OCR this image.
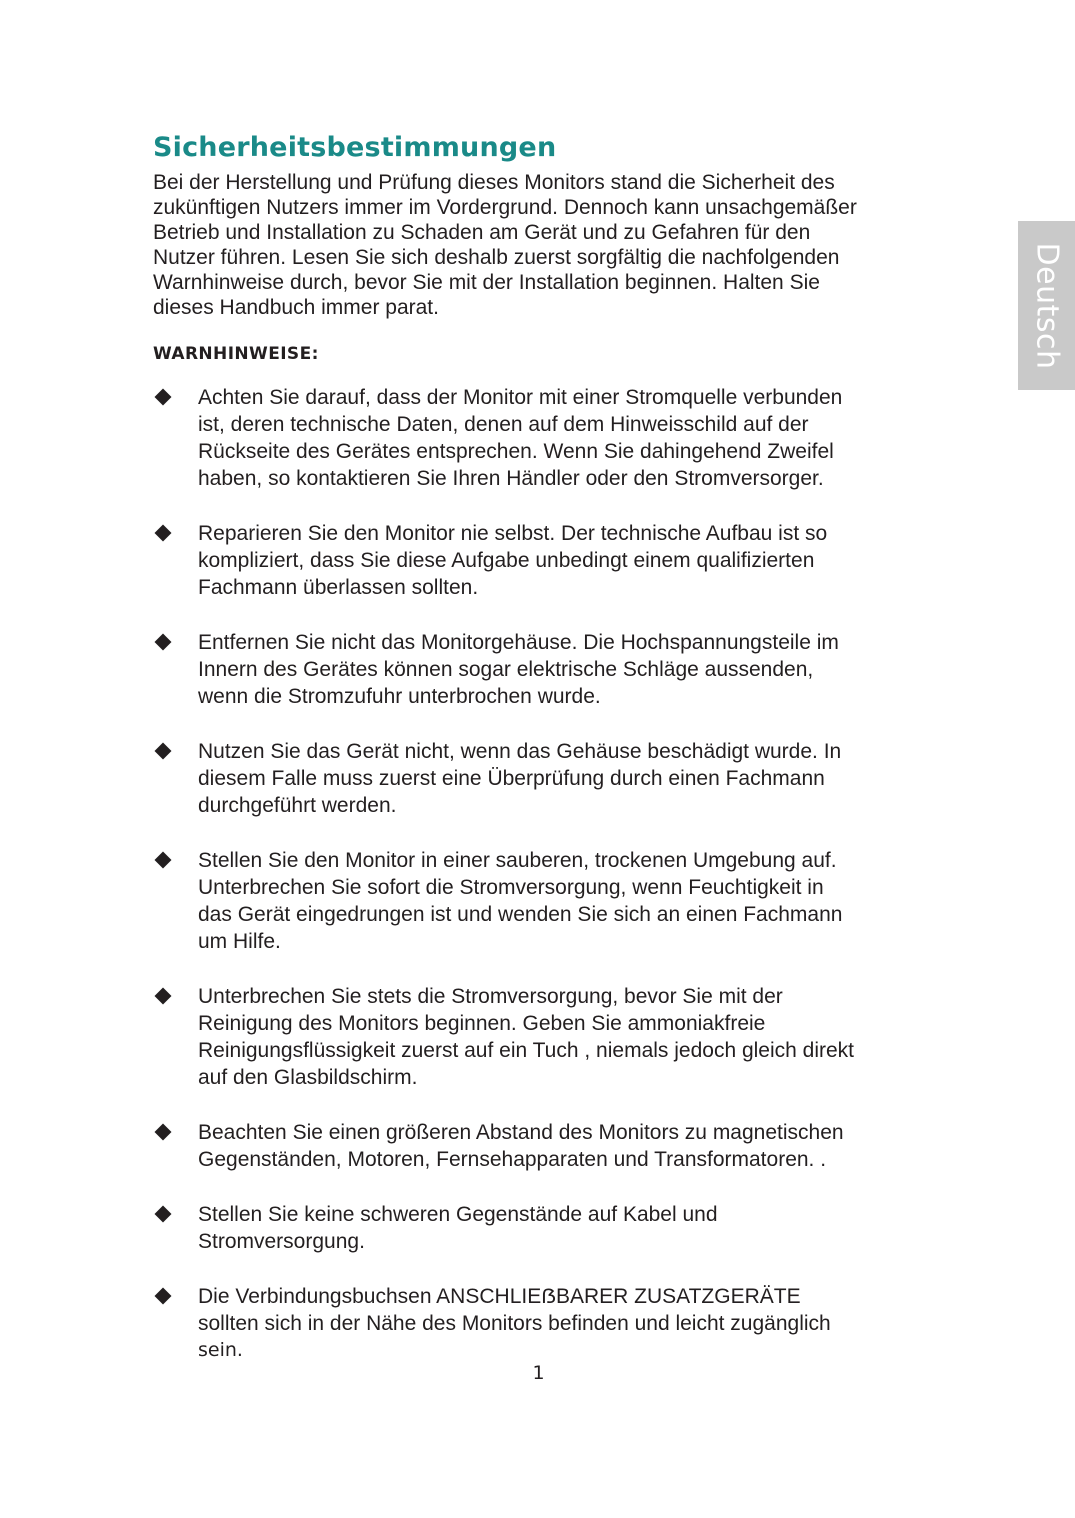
Sicherheitsbestimmungen

Bei der Herstellung und Prüfung dieses Monitors stand die Sicherheit des
zukünftigen Nutzers immer im Vordergrund. Dennoch kann unsachgemäßer
Betrieb und Installation zu Schaden am Gerät und zu Gefahren für den
Nutzer führen. Lesen Sie sich deshalb zuerst sorgfältig die nachfolgenden
Warnhinweise durch, bevor Sie mit der Installation beginnen. Halten Sie
dieses Handbuch immer parat.

WARNHINWEISE:
Achten Sie darauf, dass der Monitor mit einer Stromquelle verbunden
ist, deren technische Daten, denen auf dem Hinweisschild auf der
Rückseite des Gerätes entsprechen. Wenn Sie dahingehend Zweifel
haben, so kontaktieren Sie Ihren Händler oder den Stromversorger.
Reparieren Sie den Monitor nie selbst. Der technische Aufbau ist so
kompliziert, dass Sie diese Aufgabe unbedingt einem qualifizierten
Fachmann überlassen sollten.
Entfernen Sie nicht das Monitorgehäuse. Die Hochspannungsteile im
Innern des Gerätes können sogar elektrische Schläge aussenden,
wenn die Stromzufuhr unterbrochen wurde.
Nutzen Sie das Gerät nicht, wenn das Gehäuse beschädigt wurde. In
diesem Falle muss zuerst eine Überprüfung durch einen Fachmann
durchgeführt werden.
Stellen Sie den Monitor in einer sauberen, trockenen Umgebung auf.
Unterbrechen Sie sofort die Stromversorgung, wenn Feuchtigkeit in
das Gerät eingedrungen ist und wenden Sie sich an einen Fachmann
um Hilfe.
Unterbrechen Sie stets die Stromversorgung, bevor Sie mit der
Reinigung des Monitors beginnen. Geben Sie ammoniakfreie
Reinigungsflüssigkeit zuerst auf ein Tuch , niemals jedoch gleich direkt
auf den Glasbildschirm.
Beachten Sie einen größeren Abstand des Monitors zu magnetischen
Gegenständen, Motoren, Fernsehapparaten und Transformatoren. .
Stellen Sie keine schweren Gegenstände auf Kabel und
Stromversorgung.
Die Verbindungsbuchsen ANSCHLIEẞBARER ZUSATZGERÄTE
sollten sich in der Nähe des Monitors befinden und leicht zugänglich
sein.
1
Deutsch
